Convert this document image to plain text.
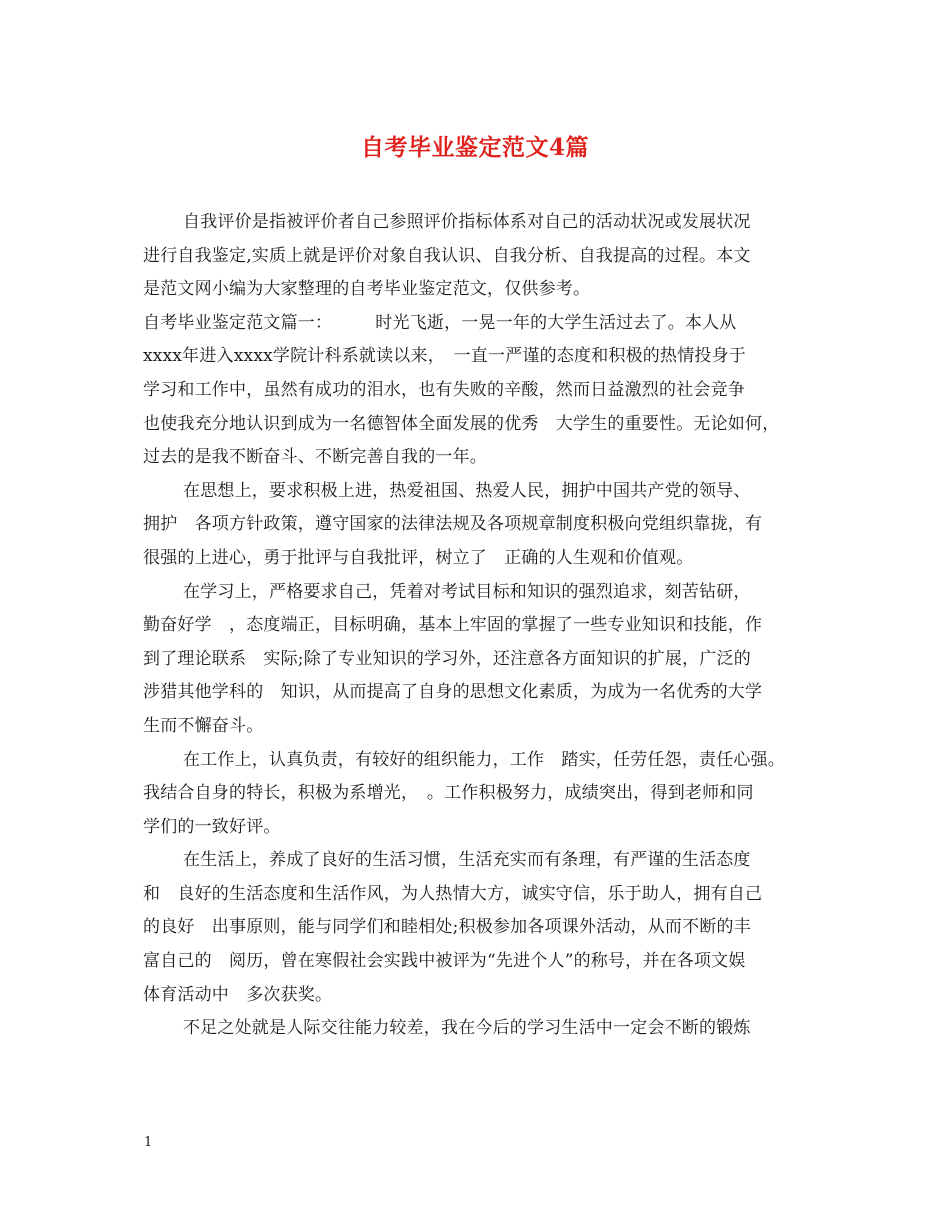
自考毕业鉴定范文4篇
自我评价是指被评价者自己参照评价指标体系对自己的活动状况或发展状况
进行自我鉴定,实质上就是评价对象自我认识、自我分析、自我提高的过程。本文
是范文网小编为大家整理的自考毕业鉴定范文，仅供参考。
自考毕业鉴定范文篇一：　　　时光飞逝，一晃一年的大学生活过去了。本人从
xxxx年进入xxxx学院计科系就读以来，　一直一严谨的态度和积极的热情投身于
学习和工作中，虽然有成功的泪水，也有失败的辛酸，然而日益激烈的社会竞争
也使我充分地认识到成为一名德智体全面发展的优秀　大学生的重要性。无论如何，
过去的是我不断奋斗、不断完善自我的一年。
在思想上，要求积极上进，热爱祖国、热爱人民，拥护中国共产党的领导、
拥护　各项方针政策，遵守国家的法律法规及各项规章制度积极向党组织靠拢，有
很强的上进心，勇于批评与自我批评，树立了　正确的人生观和价值观。
在学习上，严格要求自己，凭着对考试目标和知识的强烈追求，刻苦钻研，
勤奋好学　，态度端正，目标明确，基本上牢固的掌握了一些专业知识和技能，作
到了理论联系　实际;除了专业知识的学习外，还注意各方面知识的扩展，广泛的
涉猎其他学科的　知识，从而提高了自身的思想文化素质，为成为一名优秀的大学
生而不懈奋斗。
在工作上，认真负责，有较好的组织能力，工作　踏实，任劳任怨，责任心强。
我结合自身的特长，积极为系增光，　。工作积极努力，成绩突出，得到老师和同
学们的一致好评。
在生活上，养成了良好的生活习惯，生活充实而有条理，有严谨的生活态度
和　良好的生活态度和生活作风，为人热情大方，诚实守信，乐于助人，拥有自己
的良好　出事原则，能与同学们和睦相处;积极参加各项课外活动，从而不断的丰
富自己的　阅历，曾在寒假社会实践中被评为“先进个人”的称号，并在各项文娱
体育活动中　多次获奖。
不足之处就是人际交往能力较差，我在今后的学习生活中一定会不断的锻炼
1
